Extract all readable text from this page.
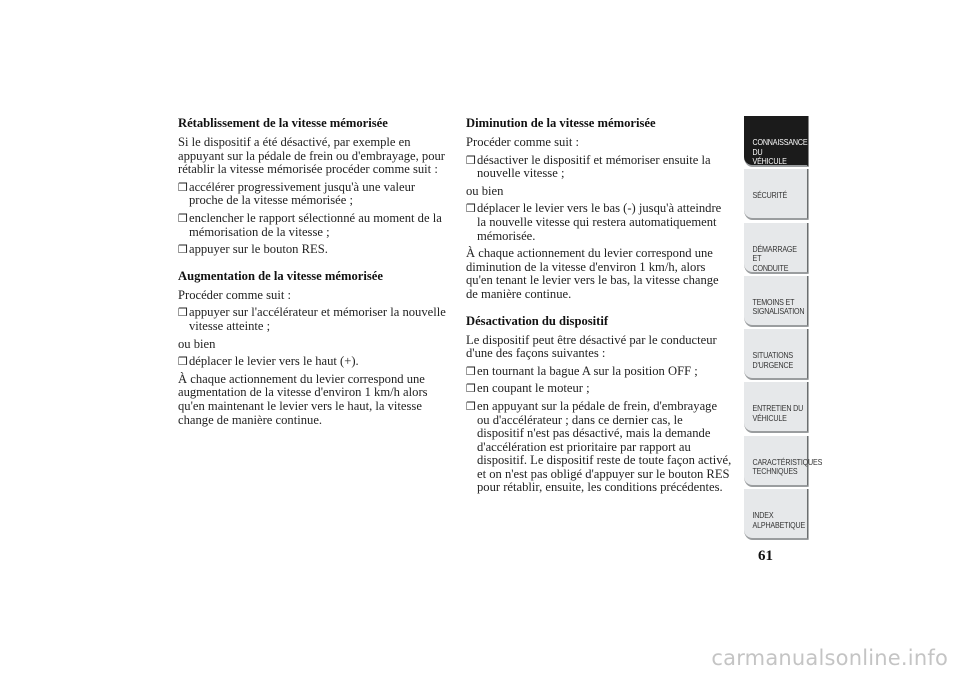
Rétablissement de la vitesse mémorisée

Si le dispositif a été désactivé, par exemple en appuyant sur la pédale de frein ou d'embrayage, pour rétablir la vitesse mémorisée procéder comme suit :

❒ accélérer progressivement jusqu'à une valeur proche de la vitesse mémorisée ;
❒ enclencher le rapport sélectionné au moment de la mémorisation de la vitesse ;
❒ appuyer sur le bouton RES.
Augmentation de la vitesse mémorisée

Procéder comme suit :

❒ appuyer sur l'accélérateur et mémoriser la nouvelle vitesse atteinte ;

ou bien

❒ déplacer le levier vers le haut (+).

À chaque actionnement du levier correspond une augmentation de la vitesse d'environ 1 km/h alors qu'en maintenant le levier vers le haut, la vitesse change de manière continue.

Diminution de la vitesse mémorisée

Procéder comme suit :

❒ désactiver le dispositif et mémoriser ensuite la nouvelle vitesse ;

ou bien

❒ déplacer le levier vers le bas (-) jusqu'à atteindre la nouvelle vitesse qui restera automatiquement mémorisée.

À chaque actionnement du levier correspond une diminution de la vitesse d'environ 1 km/h, alors qu'en tenant le levier vers le bas, la vitesse change de manière continue.

Désactivation du dispositif

Le dispositif peut être désactivé par le conducteur d'une des façons suivantes :

❒ en tournant la bague A sur la position OFF ;
❒ en coupant le moteur ;
❒ en appuyant sur la pédale de frein, d'embrayage ou d'accélérateur ; dans ce dernier cas, le dispositif n'est pas désactivé, mais la demande d'accélération est prioritaire par rapport au dispositif. Le dispositif reste de toute façon activé, et on n'est pas obligé d'appuyer sur le bouton RES pour rétablir, ensuite, les conditions précédentes.
CONNAISSANCE DU
VÉHICULE
SÉCURITÉ
DÉMARRAGE ET
CONDUITE
TEMOINS ET
SIGNALISATION
SITUATIONS
D'URGENCE
ENTRETIEN DU
VÉHICULE
CARACTÉRISTIQUES
TECHNIQUES
INDEX
ALPHABETIQUE
61
carmanualsonline.info
